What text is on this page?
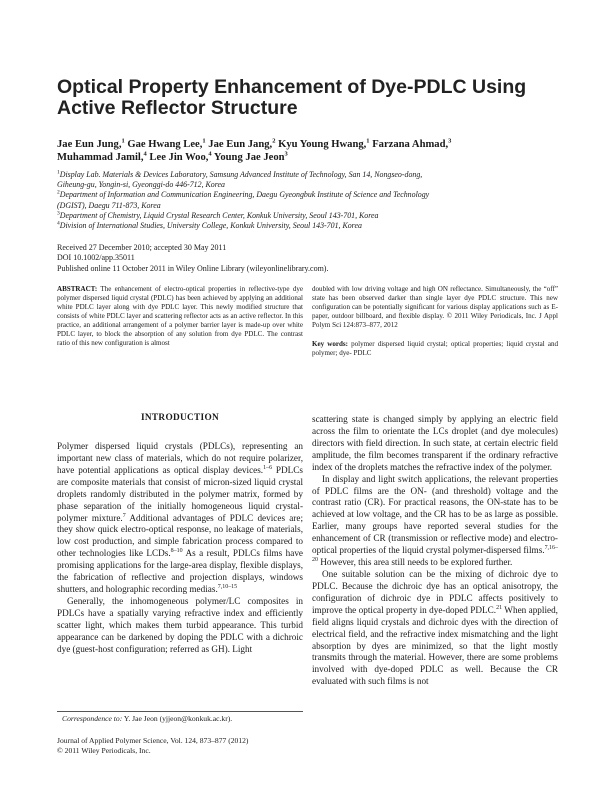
Optical Property Enhancement of Dye-PDLC Using Active Reflector Structure
Jae Eun Jung,$^1$ Gae Hwang Lee,$^1$ Jae Eun Jang,$^2$ Kyu Young Hwang,$^1$ Farzana Ahmad,$^3$
Muhammad Jamil,$^4$ Lee Jin Woo,$^4$ Young Jae Jeon$^3$
$^1$Display Lab. Materials & Devices Laboratory, Samsung Advanced Institute of Technology, San 14, Nongseo-dong,
Giheung-gu, Yongin-si, Gyeonggi-do 446-712, Korea
$^2$Department of Information and Communication Engineering, Daegu Gyeongbuk Institute of Science and Technology
(DGIST), Daegu 711-873, Korea
$^3$Department of Chemistry, Liquid Crystal Research Center, Konkuk University, Seoul 143-701, Korea
$^4$Division of International Studies, University College, Konkuk University, Seoul 143-701, Korea
Received 27 December 2010; accepted 30 May 2011
DOI 10.1002/app.35011
Published online 11 October 2011 in Wiley Online Library (wileyonlinelibrary.com).
ABSTRACT: The enhancement of electro-optical properties in reflective-type dye polymer dispersed liquid crystal (PDLC) has been achieved by applying an additional white PDLC layer along with dye PDLC layer. This newly modified structure that consists of white PDLC layer and scattering reflector acts as an active reflector. In this practice, an additional arrangement of a polymer barrier layer is made-up over white PDLC layer, to block the absorption of any solution from dye PDLC. The contrast ratio of this new configuration is almost
doubled with low driving voltage and high ON reflectance. Simultaneously, the “off” state has been observed darker than single layer dye PDLC structure. This new configuration can be potentially significant for various display applications such as E-paper, outdoor billboard, and flexible display. © 2011 Wiley Periodicals, Inc. J Appl Polym Sci 124:873–877, 2012
Key words: polymer dispersed liquid crystal; optical properties; liquid crystal and polymer; dye- PDLC
INTRODUCTION

Polymer dispersed liquid crystals (PDLCs), representing an important new class of materials, which do not require polarizer, have potential applications as optical display devices.$^{1-6}$ PDLCs are composite materials that consist of micron-sized liquid crystal droplets randomly distributed in the polymer matrix, formed by phase separation of the initially homogeneous liquid crystal-polymer mixture.$^7$ Additional advantages of PDLC devices are; they show quick electro-optical response, no leakage of materials, low cost production, and simple fabrication process compared to other technologies like LCDs.$^{8-10}$ As a result, PDLCs films have promising applications for the large-area display, flexible displays, the fabrication of reflective and projection displays, windows shutters, and holographic recording medias.$^{7,10-15}$

Generally, the inhomogeneous polymer/LC composites in PDLCs have a spatially varying refractive index and efficiently scatter light, which makes them turbid appearance. This turbid appearance can be darkened by doping the PDLC with a dichroic dye (guest-host configuration; referred as GH). Light

scattering state is changed simply by applying an electric field across the film to orientate the LCs droplet (and dye molecules) directors with field direction. In such state, at certain electric field amplitude, the film becomes transparent if the ordinary refractive index of the droplets matches the refractive index of the polymer.

In display and light switch applications, the relevant properties of PDLC films are the ON- (and threshold) voltage and the contrast ratio (CR). For practical reasons, the ON-state has to be achieved at low voltage, and the CR has to be as large as possible. Earlier, many groups have reported several studies for the enhancement of CR (transmission or reflective mode) and electro-optical properties of the liquid crystal polymer-dispersed films.$^{7,16-20}$ However, this area still needs to be explored further.

One suitable solution can be the mixing of dichroic dye to PDLC. Because the dichroic dye has an optical anisotropy, the configuration of dichroic dye in PDLC affects positively to improve the optical property in dye-doped PDLC.$^{21}$ When applied, field aligns liquid crystals and dichroic dyes with the direction of electrical field, and the refractive index mismatching and the light absorption by dyes are minimized, so that the light mostly transmits through the material. However, there are some problems involved with dye-doped PDLC as well. Because the CR evaluated with such films is not

Correspondence to: Y. Jae Jeon (yjjeon@konkuk.ac.kr).
Journal of Applied Polymer Science, Vol. 124, 873–877 (2012)
© 2011 Wiley Periodicals, Inc.
